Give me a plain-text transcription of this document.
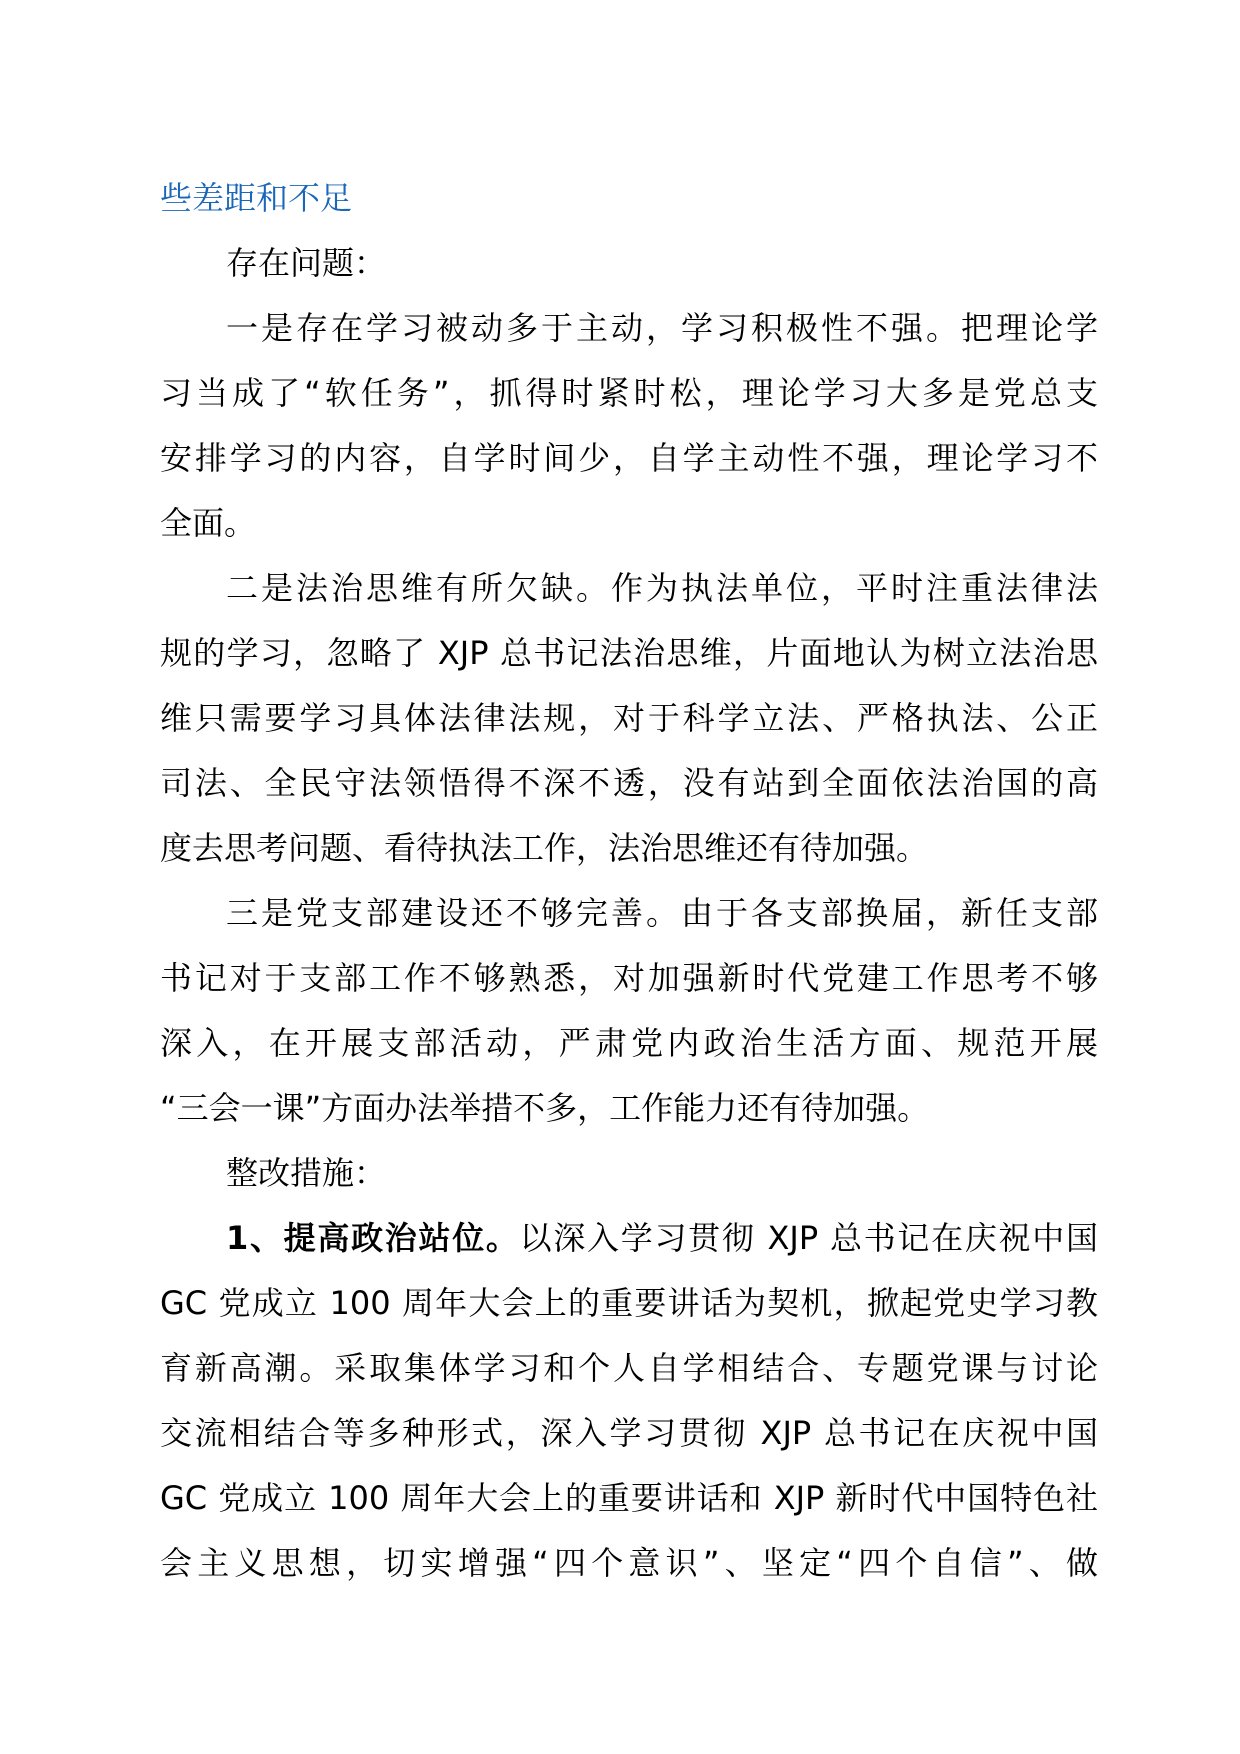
些差距和不足
存在问题：
一是存在学习被动多于主动，学习积极性不强。把理论学
习当成了“软任务”，抓得时紧时松，理论学习大多是党总支
安排学习的内容，自学时间少，自学主动性不强，理论学习不
全面。
二是法治思维有所欠缺。作为执法单位，平时注重法律法
规的学习，忽略了 XJP 总书记法治思维，片面地认为树立法治思
维只需要学习具体法律法规，对于科学立法、严格执法、公正
司法、全民守法领悟得不深不透，没有站到全面依法治国的高
度去思考问题、看待执法工作，法治思维还有待加强。
三是党支部建设还不够完善。由于各支部换届，新任支部
书记对于支部工作不够熟悉，对加强新时代党建工作思考不够
深入，在开展支部活动，严肃党内政治生活方面、规范开展
“三会一课”方面办法举措不多，工作能力还有待加强。
整改措施：
1、提高政治站位。以深入学习贯彻 XJP 总书记在庆祝中国
GC 党成立 100 周年大会上的重要讲话为契机，掀起党史学习教
育新高潮。采取集体学习和个人自学相结合、专题党课与讨论
交流相结合等多种形式，深入学习贯彻 XJP 总书记在庆祝中国
GC 党成立 100 周年大会上的重要讲话和 XJP 新时代中国特色社
会主义思想，切实增强“四个意识”、坚定“四个自信”、做
